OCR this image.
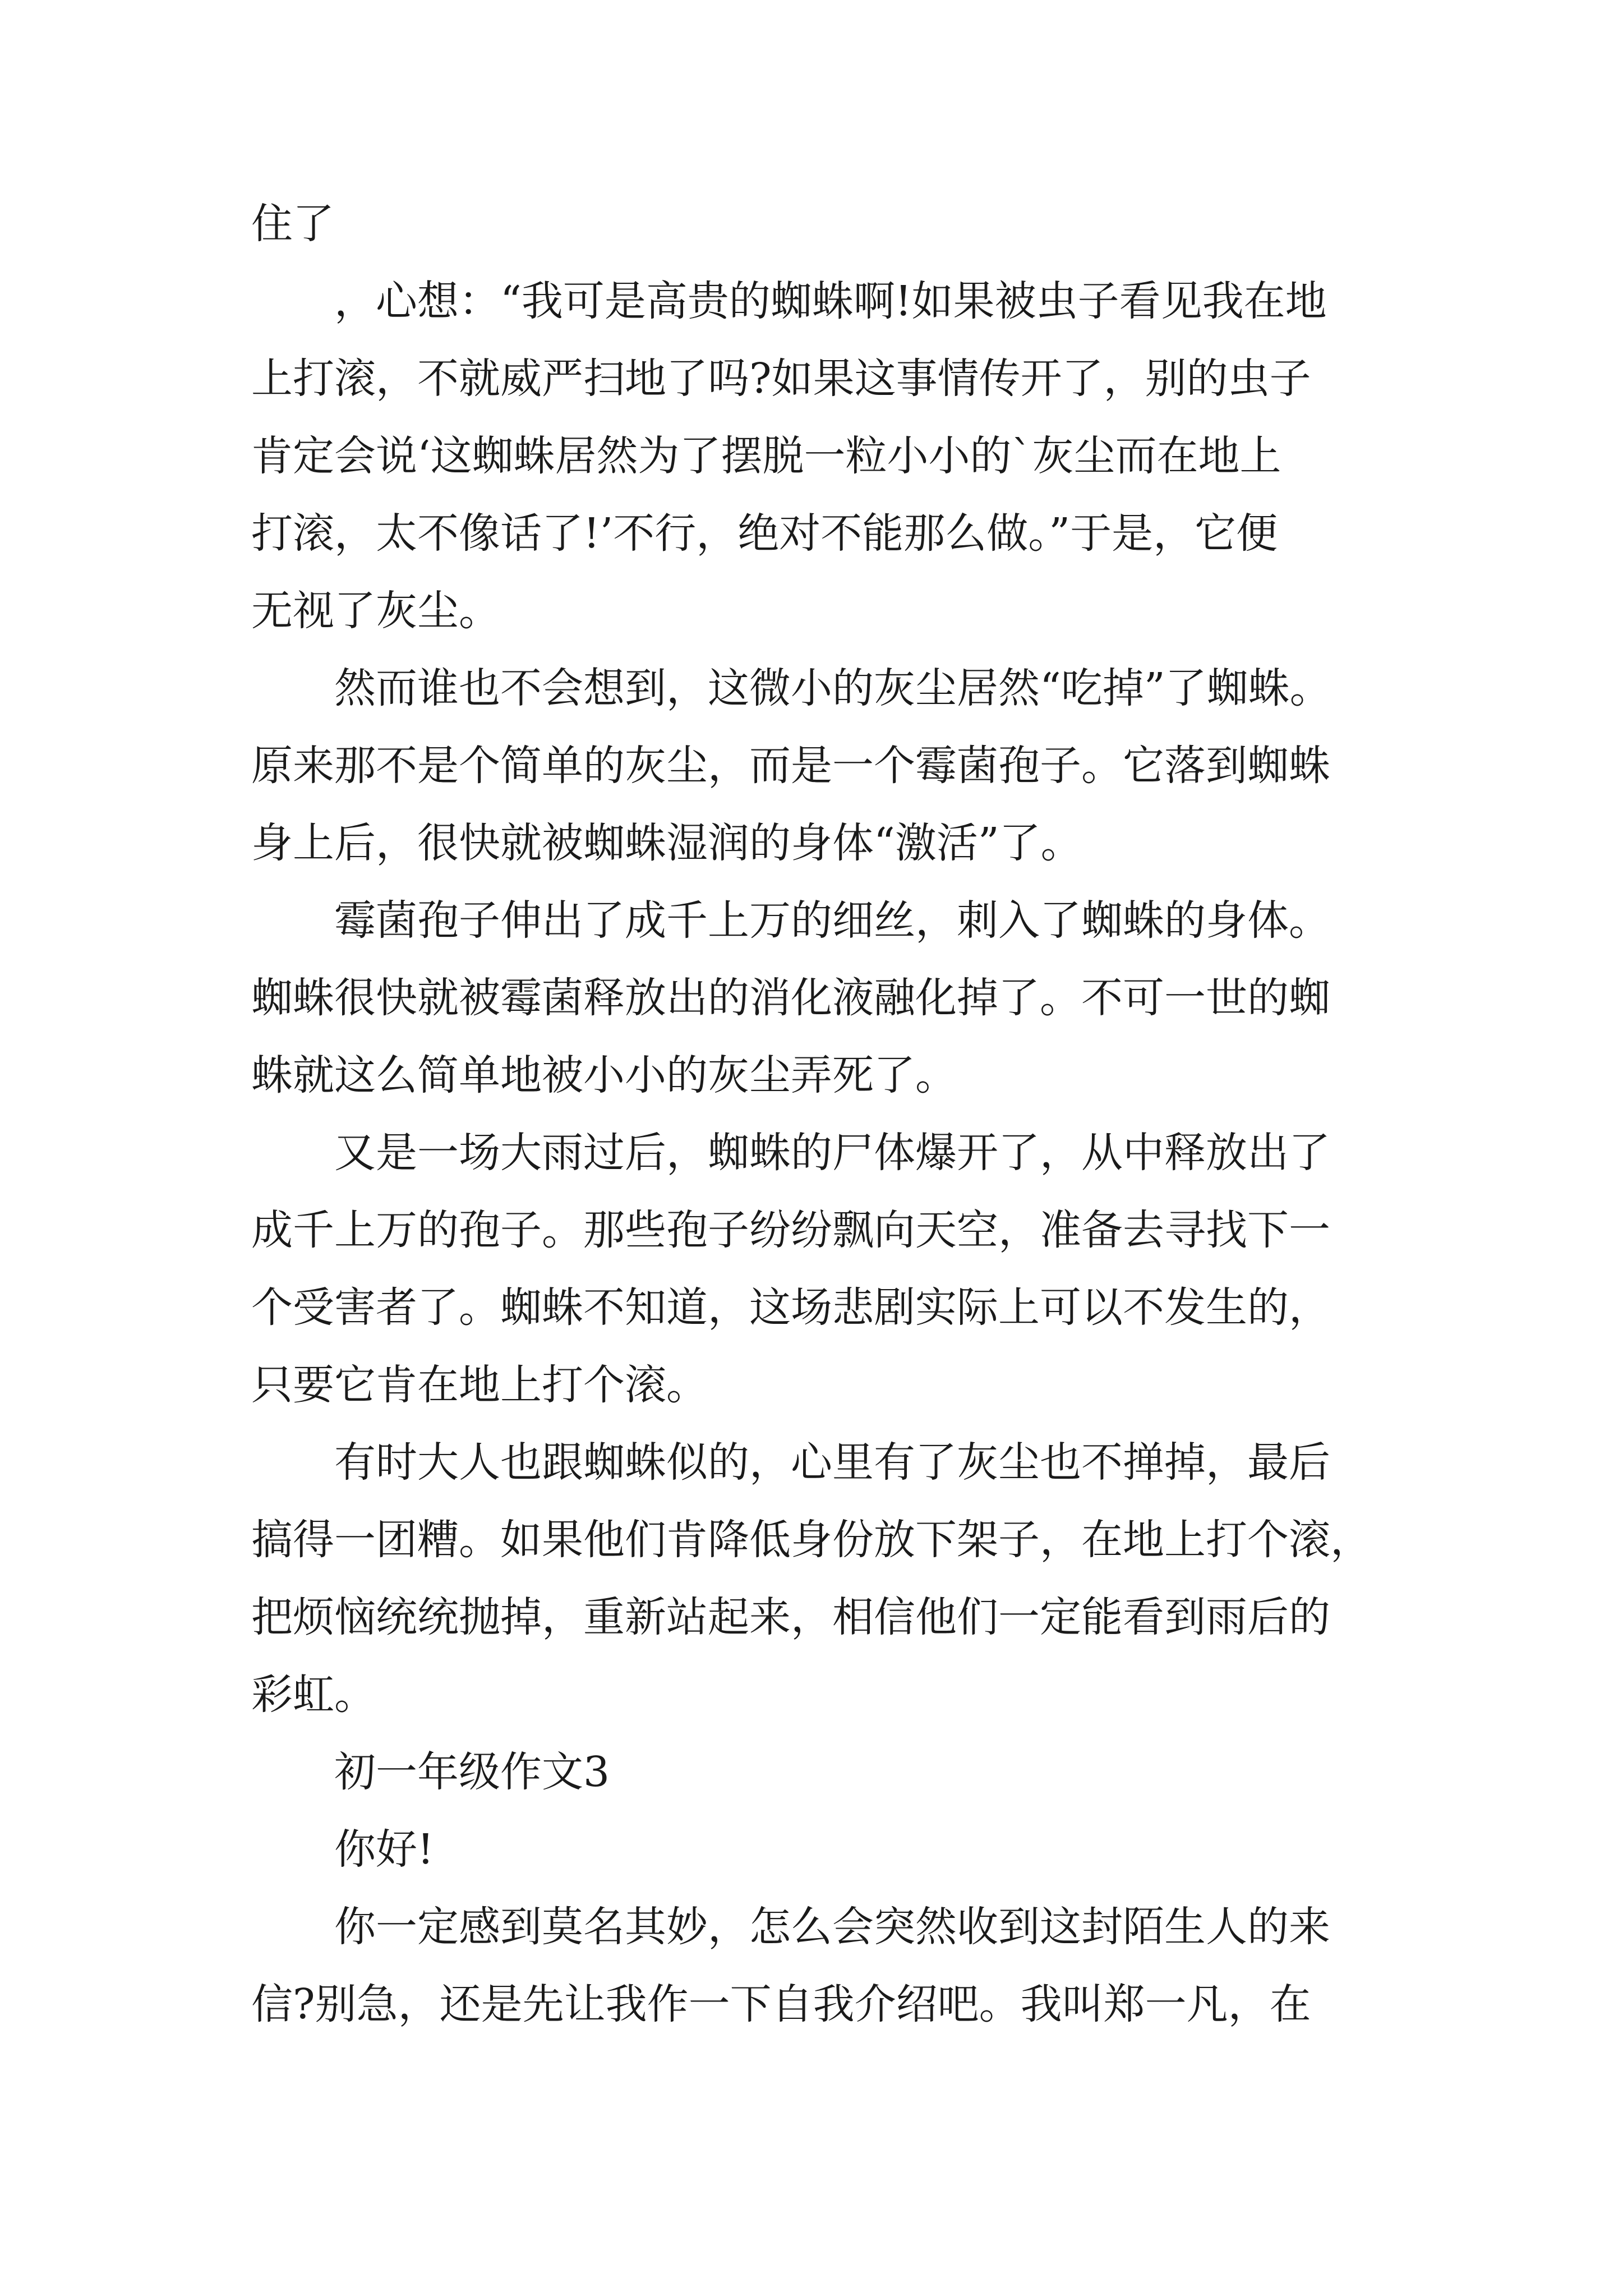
住了
，心想：“我可是高贵的蜘蛛啊!如果被虫子看见我在地
上打滚，不就威严扫地了吗?如果这事情传开了，别的虫子
肯定会说‘这蜘蛛居然为了摆脱一粒小小的`灰尘而在地上
打滚，太不像话了!’不行，绝对不能那么做。”于是，它便
无视了灰尘。
然而谁也不会想到，这微小的灰尘居然“吃掉”了蜘蛛。
原来那不是个简单的灰尘，而是一个霉菌孢子。它落到蜘蛛
身上后，很快就被蜘蛛湿润的身体“激活”了。
霉菌孢子伸出了成千上万的细丝，刺入了蜘蛛的身体。
蜘蛛很快就被霉菌释放出的消化液融化掉了。不可一世的蜘
蛛就这么简单地被小小的灰尘弄死了。
又是一场大雨过后，蜘蛛的尸体爆开了，从中释放出了
成千上万的孢子。那些孢子纷纷飘向天空，准备去寻找下一
个受害者了。蜘蛛不知道，这场悲剧实际上可以不发生的，
只要它肯在地上打个滚。
有时大人也跟蜘蛛似的，心里有了灰尘也不掸掉，最后
搞得一团糟。如果他们肯降低身份放下架子，在地上打个滚，
把烦恼统统抛掉，重新站起来，相信他们一定能看到雨后的
彩虹。
初一年级作文3
你好!
你一定感到莫名其妙，怎么会突然收到这封陌生人的来
信?别急，还是先让我作一下自我介绍吧。我叫郑一凡，在
